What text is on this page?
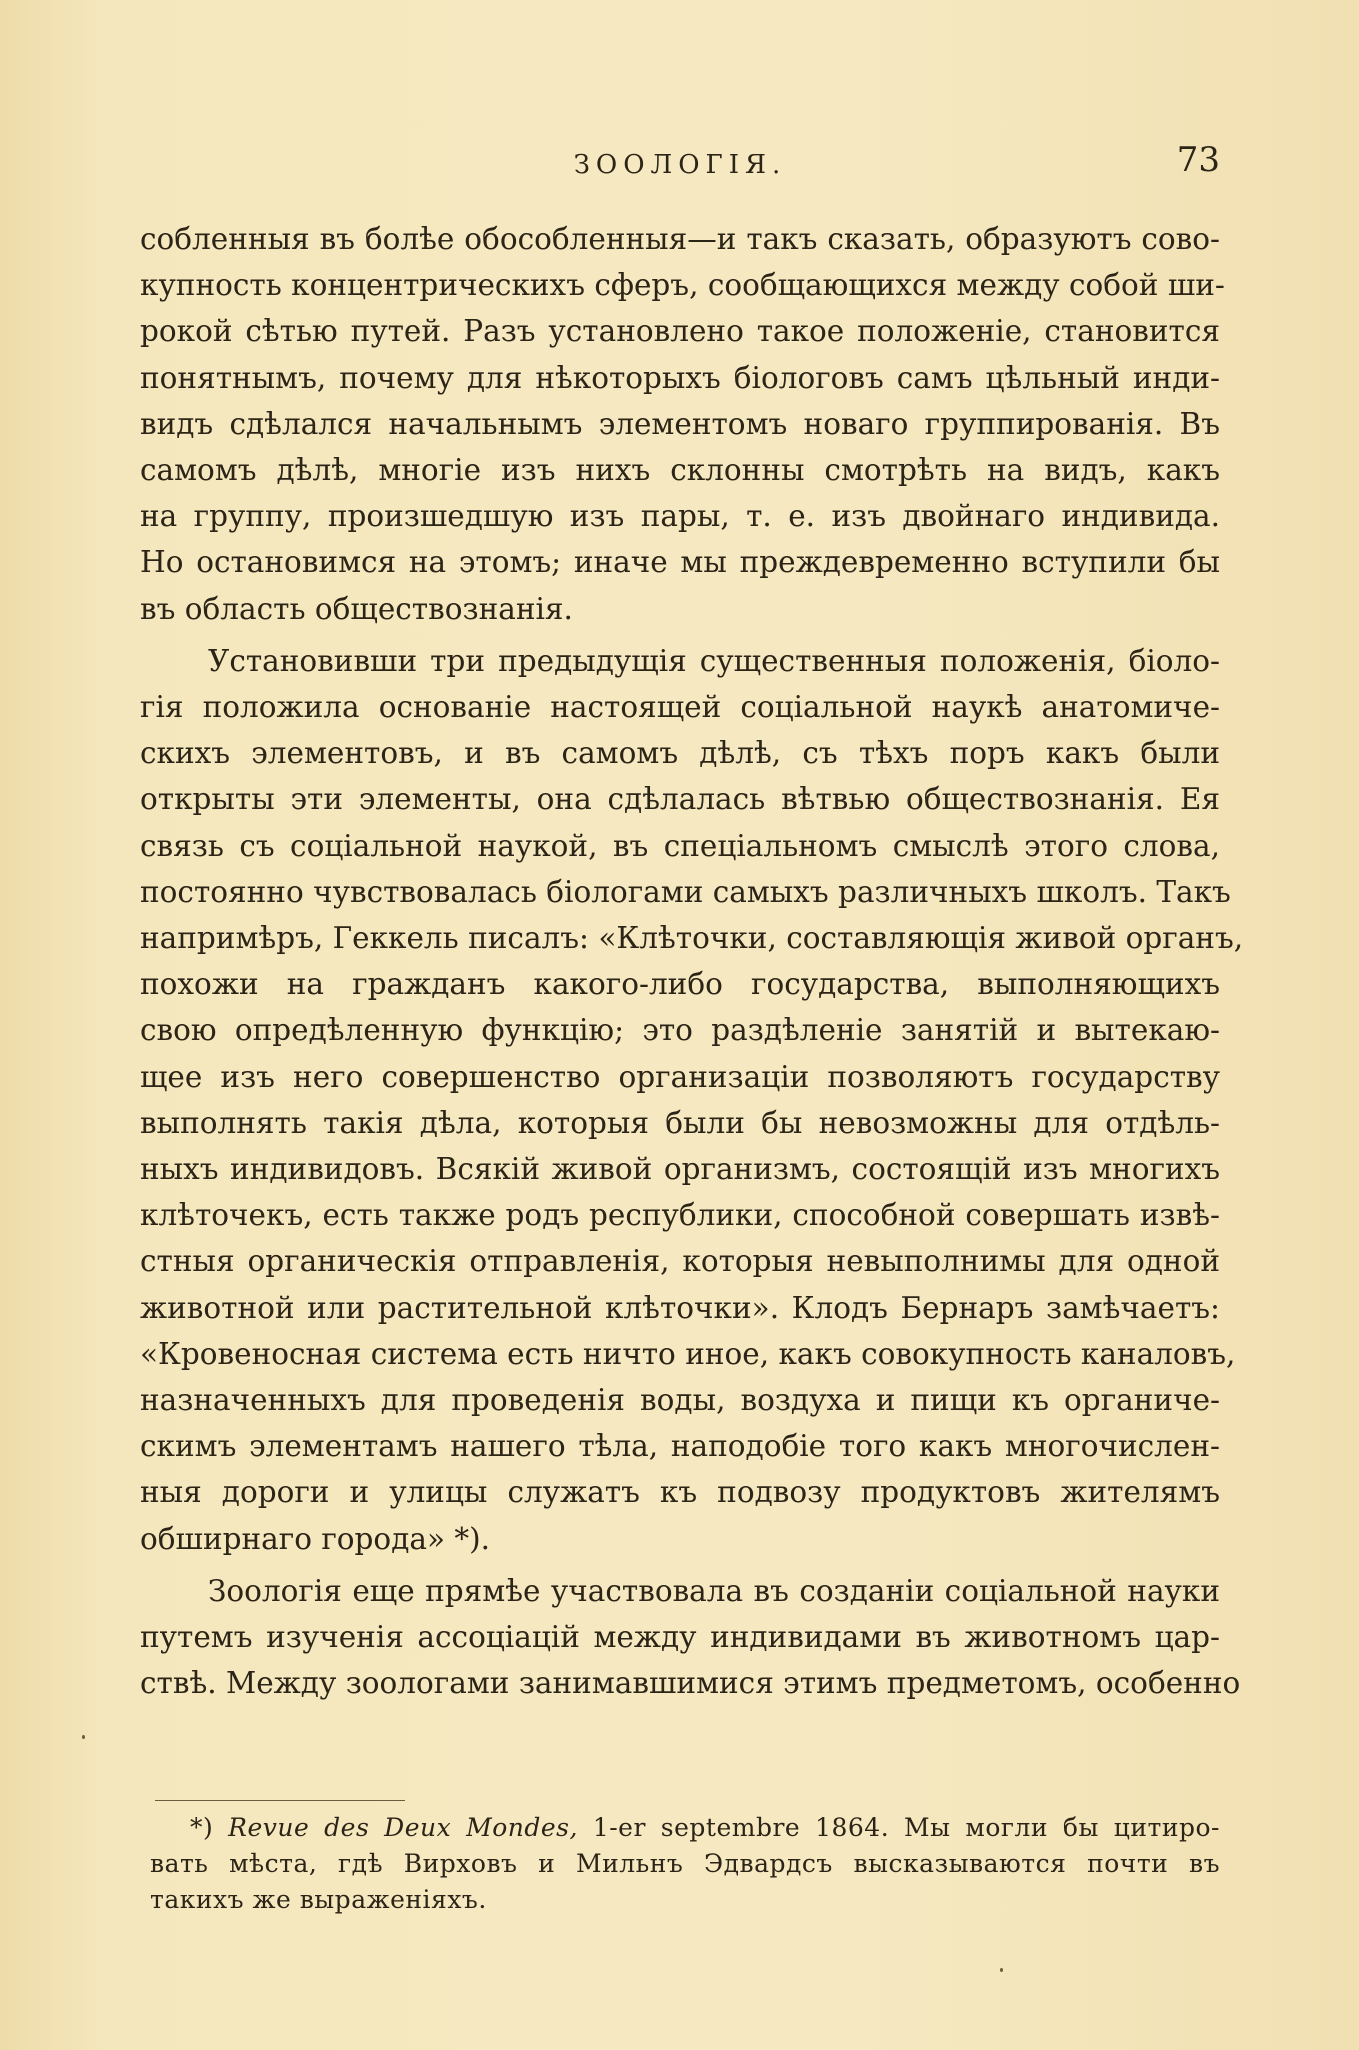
ЗООЛОГІЯ.	73
собленныя въ болѣе обособленныя—и такъ сказать, образуютъ сово-
купность концентрическихъ сферъ, сообщающихся между собой ши-
рокой сѣтью путей. Разъ установлено такое положеніе, становится
понятнымъ, почему для нѣкоторыхъ біологовъ самъ цѣльный инди-
видъ сдѣлался начальнымъ элементомъ новаго группированія. Въ
самомъ дѣлѣ, многіе изъ нихъ склонны смотрѣть на видъ, какъ
на группу, произшедшую изъ пары, т. е. изъ двойнаго индивида.
Но остановимся на этомъ; иначе мы преждевременно вступили бы
въ область обществознанія.
Установивши три предыдущія существенныя положенія, біоло-
гія положила основаніе настоящей соціальной наукѣ анатомиче-
скихъ элементовъ, и въ самомъ дѣлѣ, съ тѣхъ поръ какъ были
открыты эти элементы, она сдѣлалась вѣтвью обществознанія. Ея
связь съ соціальной наукой, въ спеціальномъ смыслѣ этого слова,
постоянно чувствовалась біологами самыхъ различныхъ школъ. Такъ
напримѣръ, Геккель писалъ: «Клѣточки, составляющія живой органъ,
похожи на гражданъ какого-либо государства, выполняющихъ
свою опредѣленную функцію; это раздѣленіе занятій и вытекаю-
щее изъ него совершенство организаціи позволяютъ государству
выполнять такія дѣла, которыя были бы невозможны для отдѣль-
ныхъ индивидовъ. Всякій живой организмъ, состоящій изъ многихъ
клѣточекъ, есть также родъ республики, способной совершать извѣ-
стныя органическія отправленія, которыя невыполнимы для одной
животной или растительной клѣточки». Клодъ Бернаръ замѣчаетъ:
«Кровеносная система есть ничто иное, какъ совокупность каналовъ,
назначенныхъ для проведенія воды, воздуха и пищи къ органиче-
скимъ элементамъ нашего тѣла, наподобіе того какъ многочислен-
ныя дороги и улицы служатъ къ подвозу продуктовъ жителямъ
обширнаго города» *).
Зоологія еще прямѣе участвовала въ созданіи соціальной науки
путемъ изученія ассоціацій между индивидами въ животномъ цар-
ствѣ. Между зоологами занимавшимися этимъ предметомъ, особенно
*) Revue des Deux Mondes, 1-er septembre 1864. Мы могли бы цитиро-
вать мѣста, гдѣ Вирховъ и Мильнъ Эдвардсъ высказываются почти въ
такихъ же выраженіяхъ.
